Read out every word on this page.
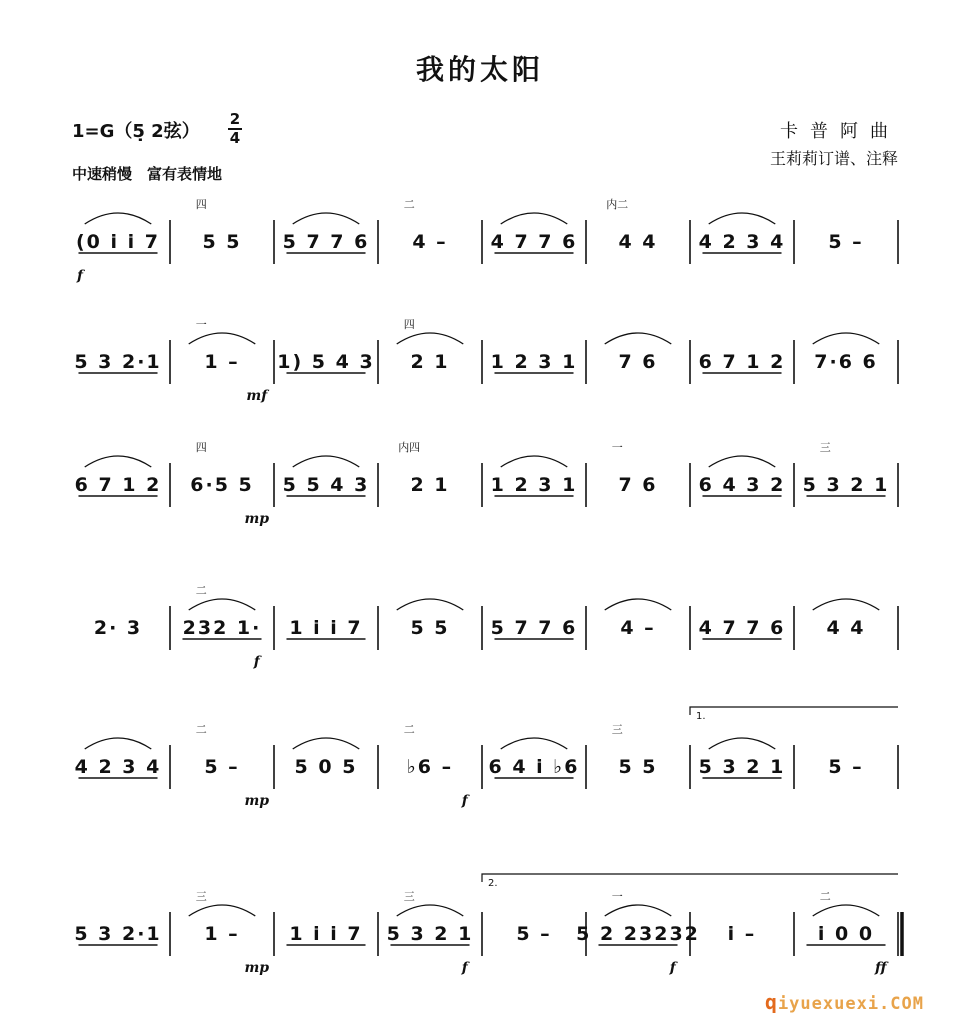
我的太阳
1=G（5̣ 2弦）
2
4
中速稍慢　富有表情地
卡普阿曲
王莉莉订谱、注释
(0 i i 7 5 5 5 7 7 6 4 – 4 7 7 6 4 4 4 2 3 4 5 –
四	二	内二
f
5 3 2·1 1 – 1) 5 4 3 2 1 1 2 3 1 7 6 6 7 1 2 7·6 6
一	四
mf
6 7 1 2 6·5 5 5 5 4 3 2 1 1 2 3 1 7 6 6 4 3 2 5 3 2 1
四	内四	一	三
mp
2· 3 232 1· 1 i i 7	5 5 5 7 7 6 4 – 4 7 7 6 4 4
二
f
4 2 3 4 5 –	5 0 5	♭6 – 6 4 i ♭6 5 5 5 3 2 1 5 –
二	二	三
mp	f
1.
5 3 2·1 1 –	1 i i 7 5 3 2 1 5 – 5 2 23232 i –	i 0 0
三	三	一	二
mp	f	f	ff
2.
qiyuexuexi.COM
